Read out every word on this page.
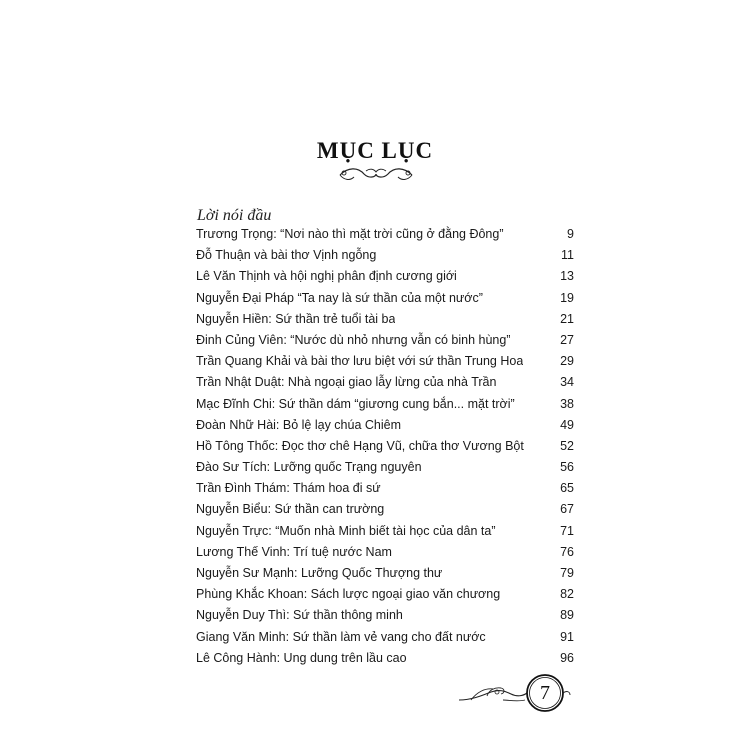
MỤC LỤC
Lời nói đầu
Trương Trọng: “Nơi nào thì mặt trời cũng ở đằng Đông”	9
Đỗ Thuận và bài thơ Vịnh ngỗng	11
Lê Văn Thịnh và hội nghị phân định cương giới	13
Nguyễn Đại Pháp “Ta nay là sứ thần của một nước”	19
Nguyễn Hiền: Sứ thần trẻ tuổi tài ba	21
Đinh Củng Viên: “Nước dù nhỏ nhưng vẫn có binh hùng”	27
Trần Quang Khải và bài thơ lưu biệt với sứ thần Trung Hoa	29
Trần Nhật Duật: Nhà ngoại giao lẫy lừng của nhà Trần	34
Mạc Đĩnh Chi: Sứ thần dám “giương cung bắn... mặt trời”	38
Đoàn Nhữ Hài: Bỏ lệ lạy chúa Chiêm	49
Hồ Tông Thốc: Đọc thơ chê Hạng Vũ, chữa thơ Vương Bột	52
Đào Sư Tích: Lưỡng quốc Trạng nguyên	56
Trần Đình Thám: Thám hoa đi sứ	65
Nguyễn Biểu: Sứ thần can trường	67
Nguyễn Trực: “Muốn nhà Minh biết tài học của dân ta”	71
Lương Thế Vinh: Trí tuệ nước Nam	76
Nguyễn Sư Mạnh: Lưỡng Quốc Thượng thư	79
Phùng Khắc Khoan: Sách lược ngoại giao văn chương	82
Nguyễn Duy Thì: Sứ thần thông minh	89
Giang Văn Minh: Sứ thần làm vẻ vang cho đất nước	91
Lê Công Hành: Ung dung trên lầu cao	96
7
